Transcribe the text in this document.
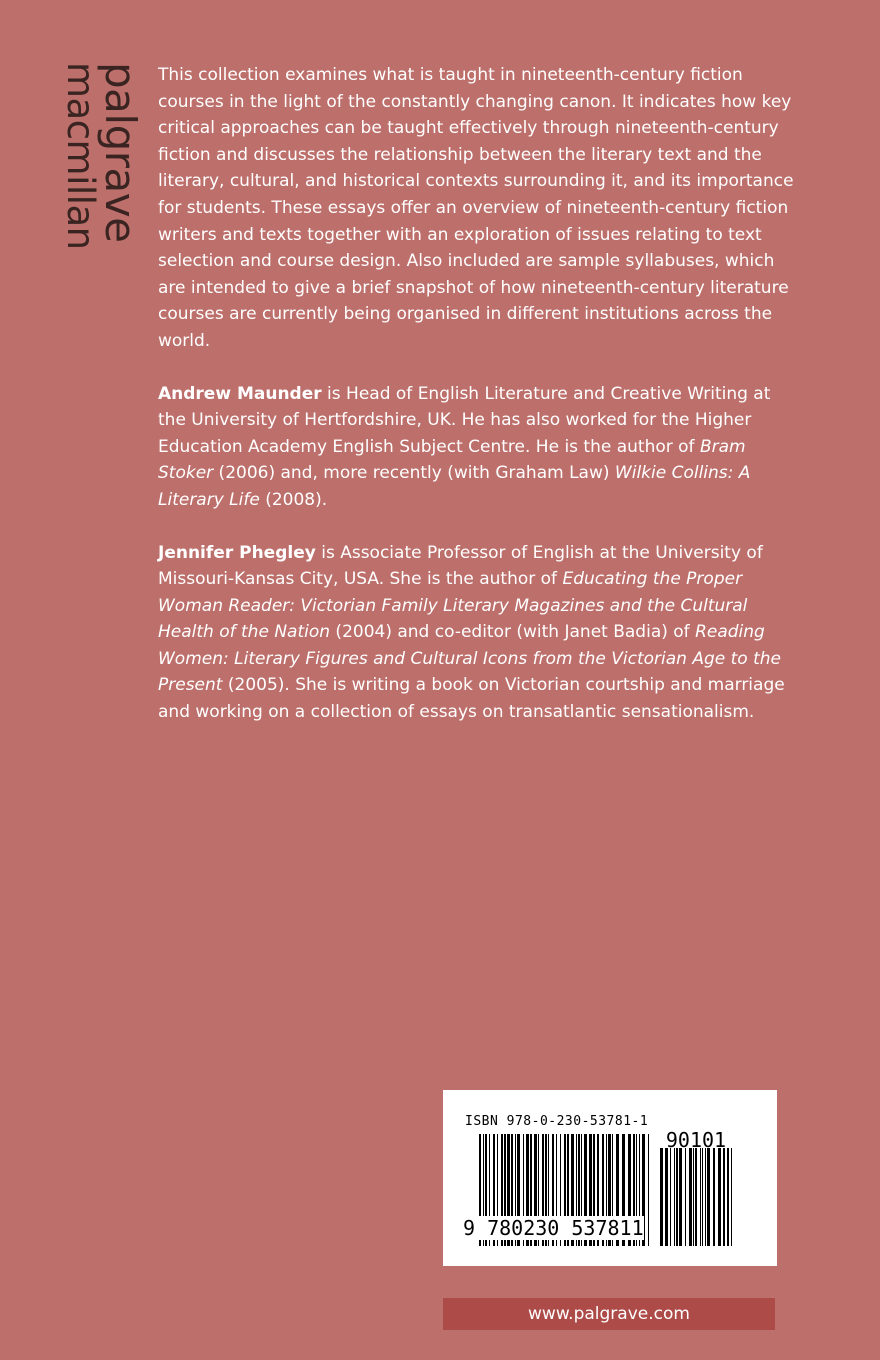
palgrave
macmillan	This collection examines what is taught in nineteenth-century fiction courses in the light of the constantly changing canon. It indicates how key critical approaches can be taught effectively through nineteenth-century fiction and discusses the relationship between the literary text and the literary, cultural, and historical contexts surrounding it, and its importance for students. These essays offer an overview of nineteenth-century fiction writers and texts together with an exploration of issues relating to text selection and course design. Also included are sample syllabuses, which are intended to give a brief snapshot of how nineteenth-century literature courses are currently being organised in different institutions across the world.

Andrew Maunder is Head of English Literature and Creative Writing at the University of Hertfordshire, UK. He has also worked for the Higher Education Academy English Subject Centre. He is the author of Bram Stoker (2006) and, more recently (with Graham Law) Wilkie Collins: A Literary Life (2008).

Jennifer Phegley is Associate Professor of English at the University of Missouri-Kansas City, USA. She is the author of Educating the Proper Woman Reader: Victorian Family Literary Magazines and the Cultural Health of the Nation (2004) and co-editor (with Janet Badia) of Reading Women: Literary Figures and Cultural Icons from the Victorian Age to the Present (2005). She is writing a book on Victorian courtship and marriage and working on a collection of essays on transatlantic sensationalism.

ISBN 978-0-230-53781-1
90101
9 780230 537811
www.palgrave.com
